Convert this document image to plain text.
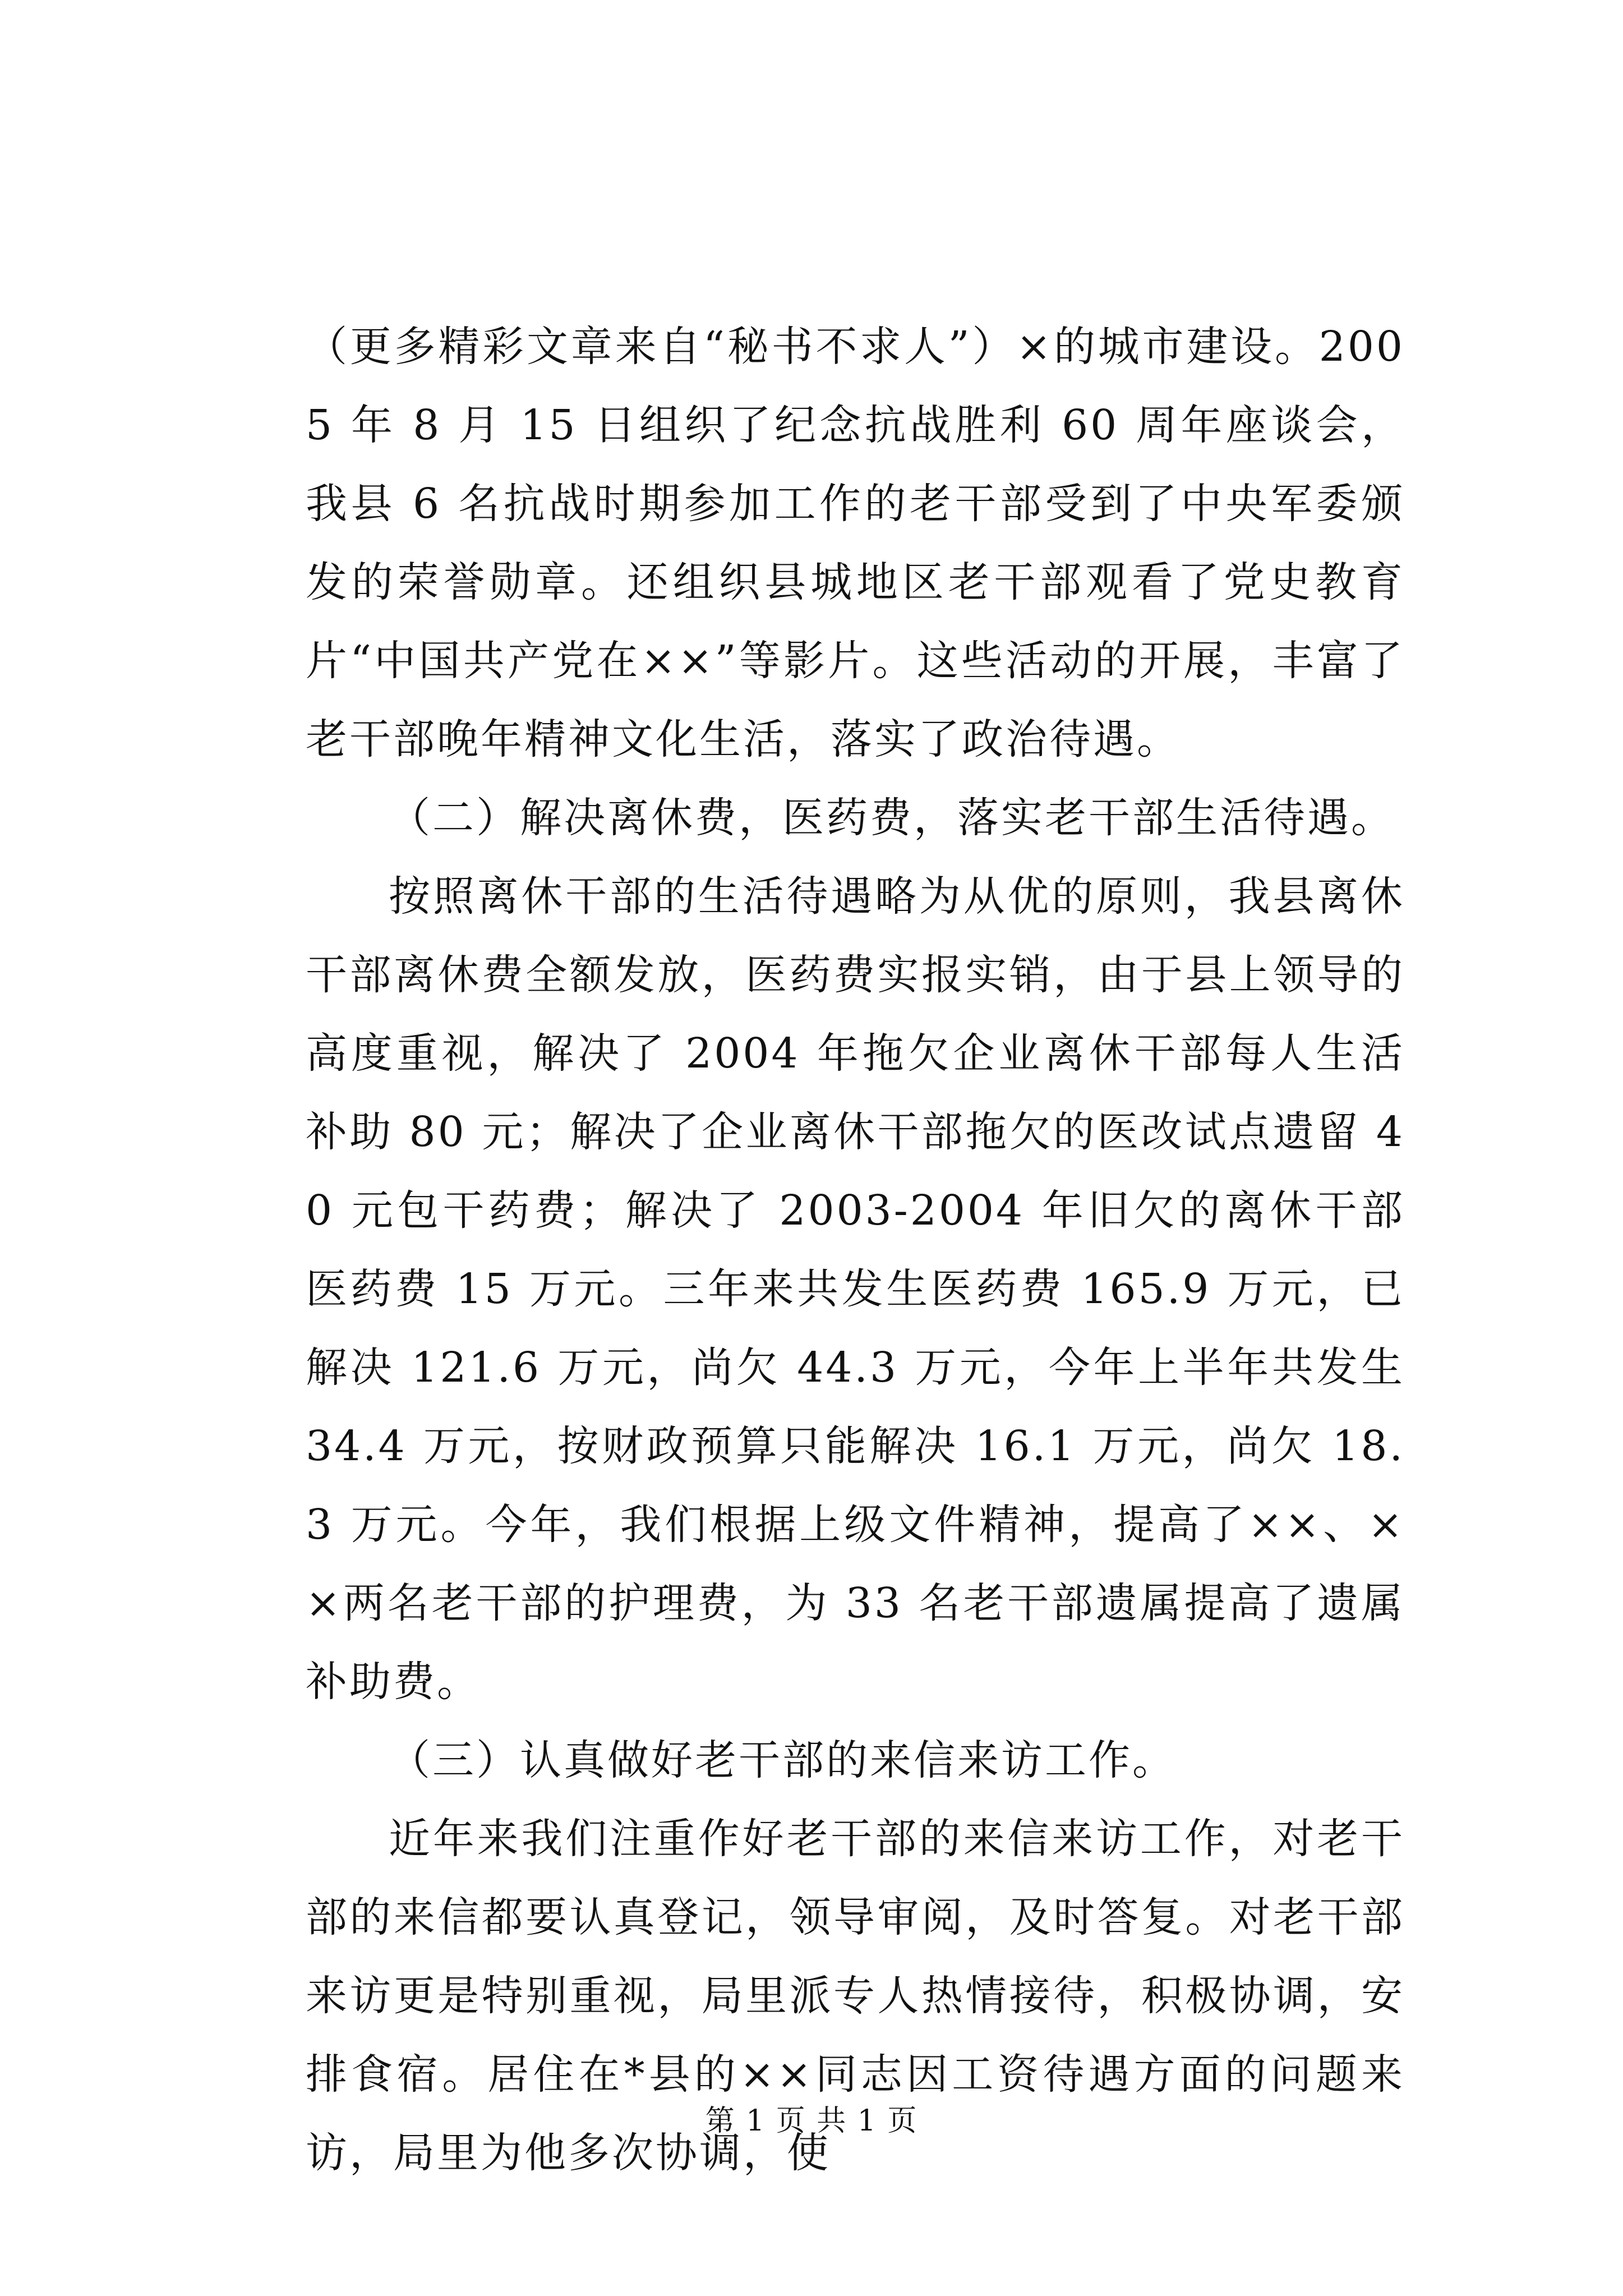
（更多精彩文章来自“秘书不求人”）×的城市建设。2005 年 8 月 15 日组织了纪念抗战胜利 60 周年座谈会，我县 6 名抗战时期参加工作的老干部受到了中央军委颁发的荣誉勋章。还组织县城地区老干部观看了党史教育片“中国共产党在××”等影片。这些活动的开展，丰富了老干部晚年精神文化生活，落实了政治待遇。

（二）解决离休费，医药费，落实老干部生活待遇。

按照离休干部的生活待遇略为从优的原则，我县离休干部离休费全额发放，医药费实报实销，由于县上领导的高度重视，解决了 2004 年拖欠企业离休干部每人生活补助 80 元；解决了企业离休干部拖欠的医改试点遗留 40 元包干药费；解决了 2003-2004 年旧欠的离休干部医药费 15 万元。三年来共发生医药费 165.9 万元，已解决 121.6 万元，尚欠 44.3 万元，今年上半年共发生 34.4 万元，按财政预算只能解决 16.1 万元，尚欠 18.3 万元。今年，我们根据上级文件精神，提高了××、××两名老干部的护理费，为 33 名老干部遗属提高了遗属补助费。

（三）认真做好老干部的来信来访工作。

近年来我们注重作好老干部的来信来访工作，对老干部的来信都要认真登记，领导审阅，及时答复。对老干部来访更是特别重视，局里派专人热情接待，积极协调，安排食宿。居住在*县的××同志因工资待遇方面的问题来访，局里为他多次协调，使

第 1 页 共 1 页
